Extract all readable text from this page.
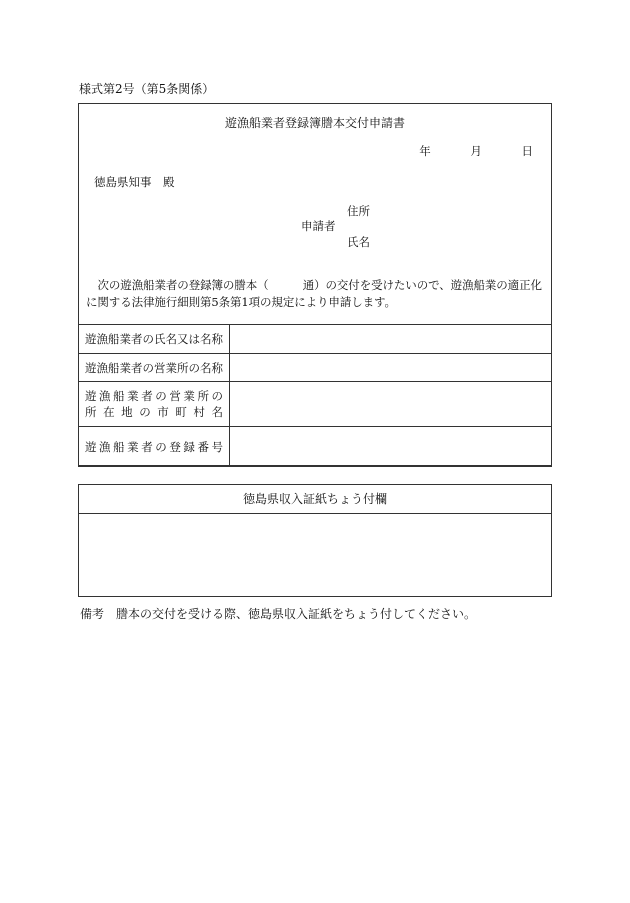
様式第2号（第5条関係）
遊漁船業者登録簿謄本交付申請書
年	月	日
徳島県知事　殿
住所
申請者
氏名
次の遊漁船業者の登録簿の謄本（　　　通）の交付を受けたいので、遊漁船業の適正化に関する法律施行細則第5条第1項の規定により申請します。
遊漁船業者の氏名又は名称	
遊漁船業者の営業所の名称	

遊漁船業者の営業所の
所在地の市町村名	

遊漁船業者の登録番号	

徳島県収入証紙ちょう付欄
備考　謄本の交付を受ける際、徳島県収入証紙をちょう付してください。
